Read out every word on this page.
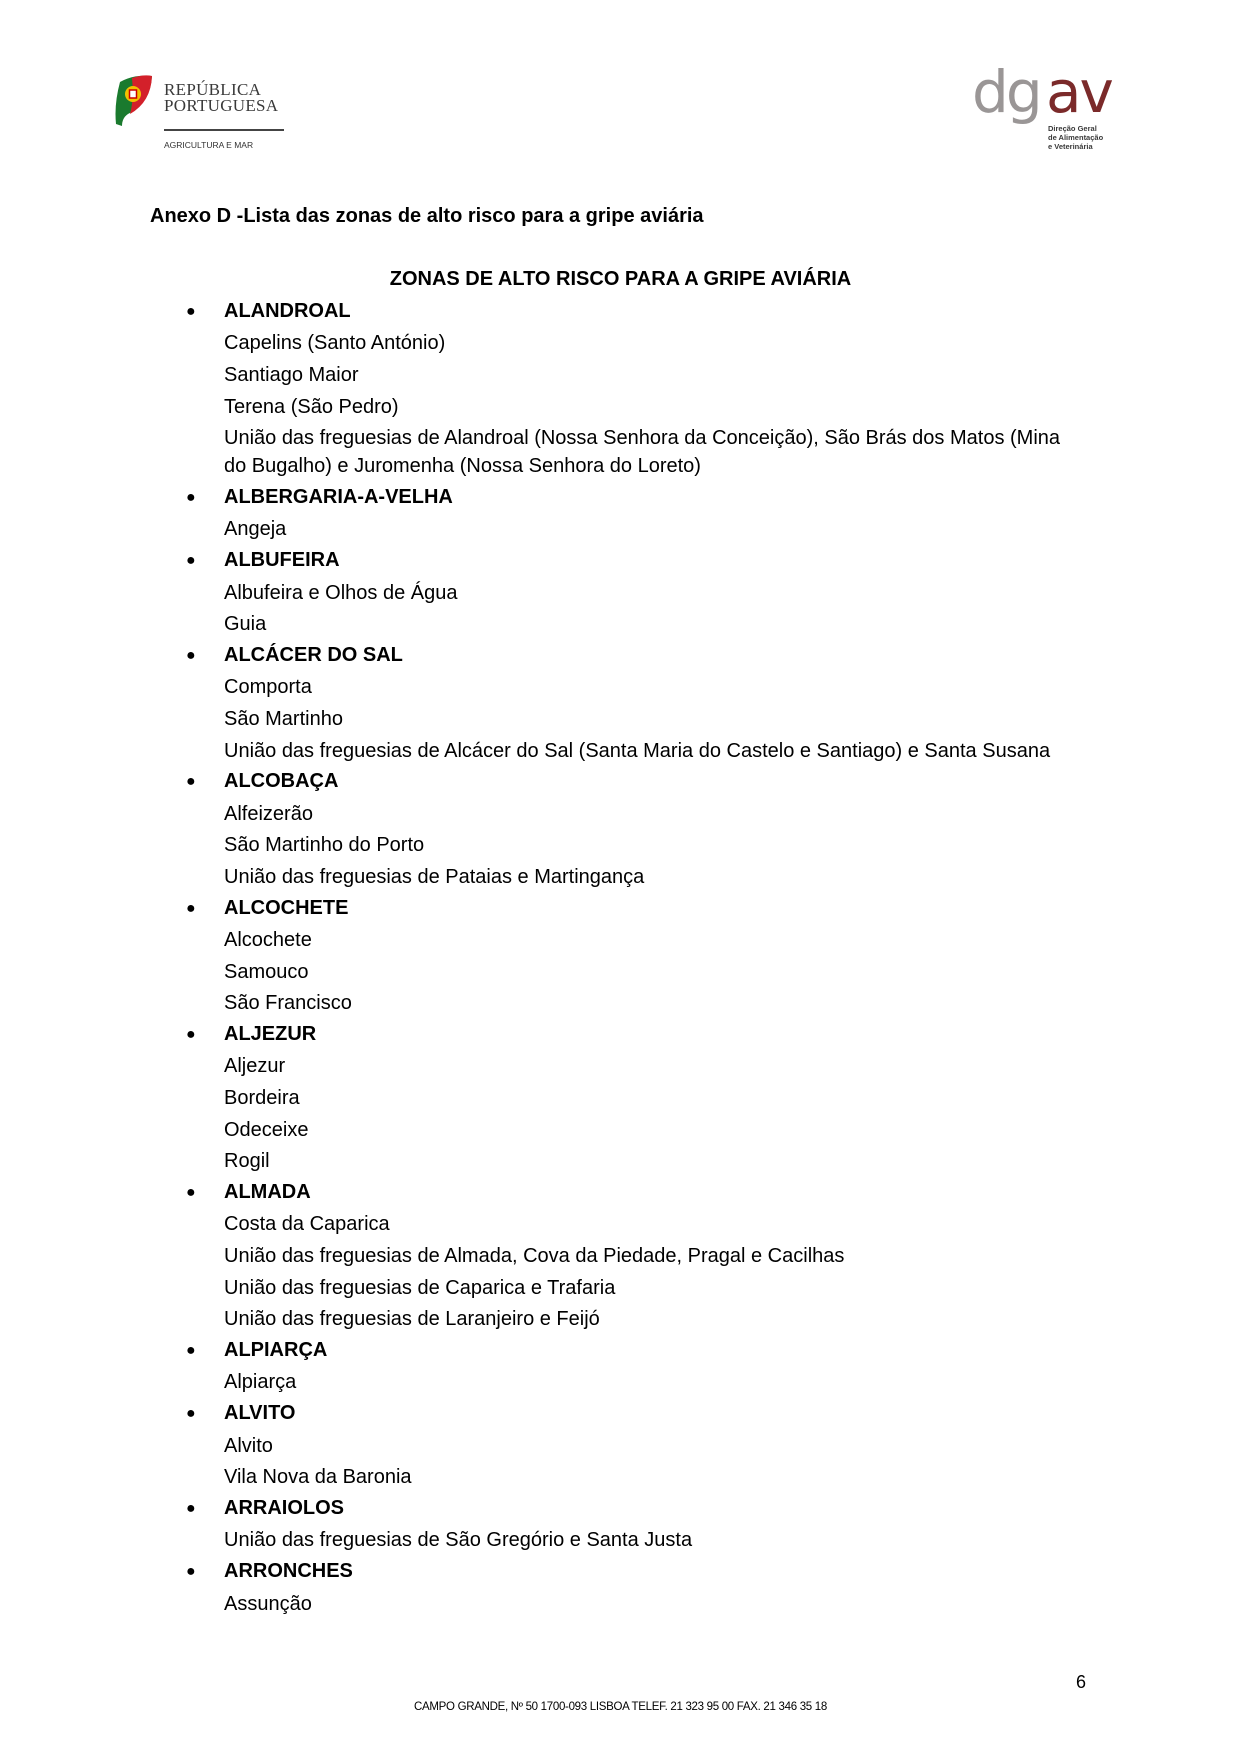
REPÚBLICA
PORTUGUESA
AGRICULTURA E MAR
dg av
Direção Geral
de Alimentação
e Veterinária
Anexo D -Lista das zonas de alto risco para a gripe aviária
ZONAS DE ALTO RISCO PARA A GRIPE AVIÁRIA
● ALANDROAL
Capelins (Santo António)
Santiago Maior
Terena (São Pedro)
União das freguesias de Alandroal (Nossa Senhora da Conceição), São Brás dos Matos (Mina do Bugalho) e Juromenha (Nossa Senhora do Loreto)
● ALBERGARIA-A-VELHA
Angeja
● ALBUFEIRA
Albufeira e Olhos de Água
Guia
● ALCÁCER DO SAL
Comporta
São Martinho
União das freguesias de Alcácer do Sal (Santa Maria do Castelo e Santiago) e Santa Susana
● ALCOBAÇA
Alfeizerão
São Martinho do Porto
União das freguesias de Pataias e Martingança
● ALCOCHETE
Alcochete
Samouco
São Francisco
● ALJEZUR
Aljezur
Bordeira
Odeceixe
Rogil
● ALMADA
Costa da Caparica
União das freguesias de Almada, Cova da Piedade, Pragal e Cacilhas
União das freguesias de Caparica e Trafaria
União das freguesias de Laranjeiro e Feijó
● ALPIARÇA
Alpiarça
● ALVITO
Alvito
Vila Nova da Baronia
● ARRAIOLOS
União das freguesias de São Gregório e Santa Justa
● ARRONCHES
Assunção
CAMPO GRANDE, Nº 50 1700-093 LISBOA TELEF. 21 323 95 00 FAX. 21 346 35 18
6
